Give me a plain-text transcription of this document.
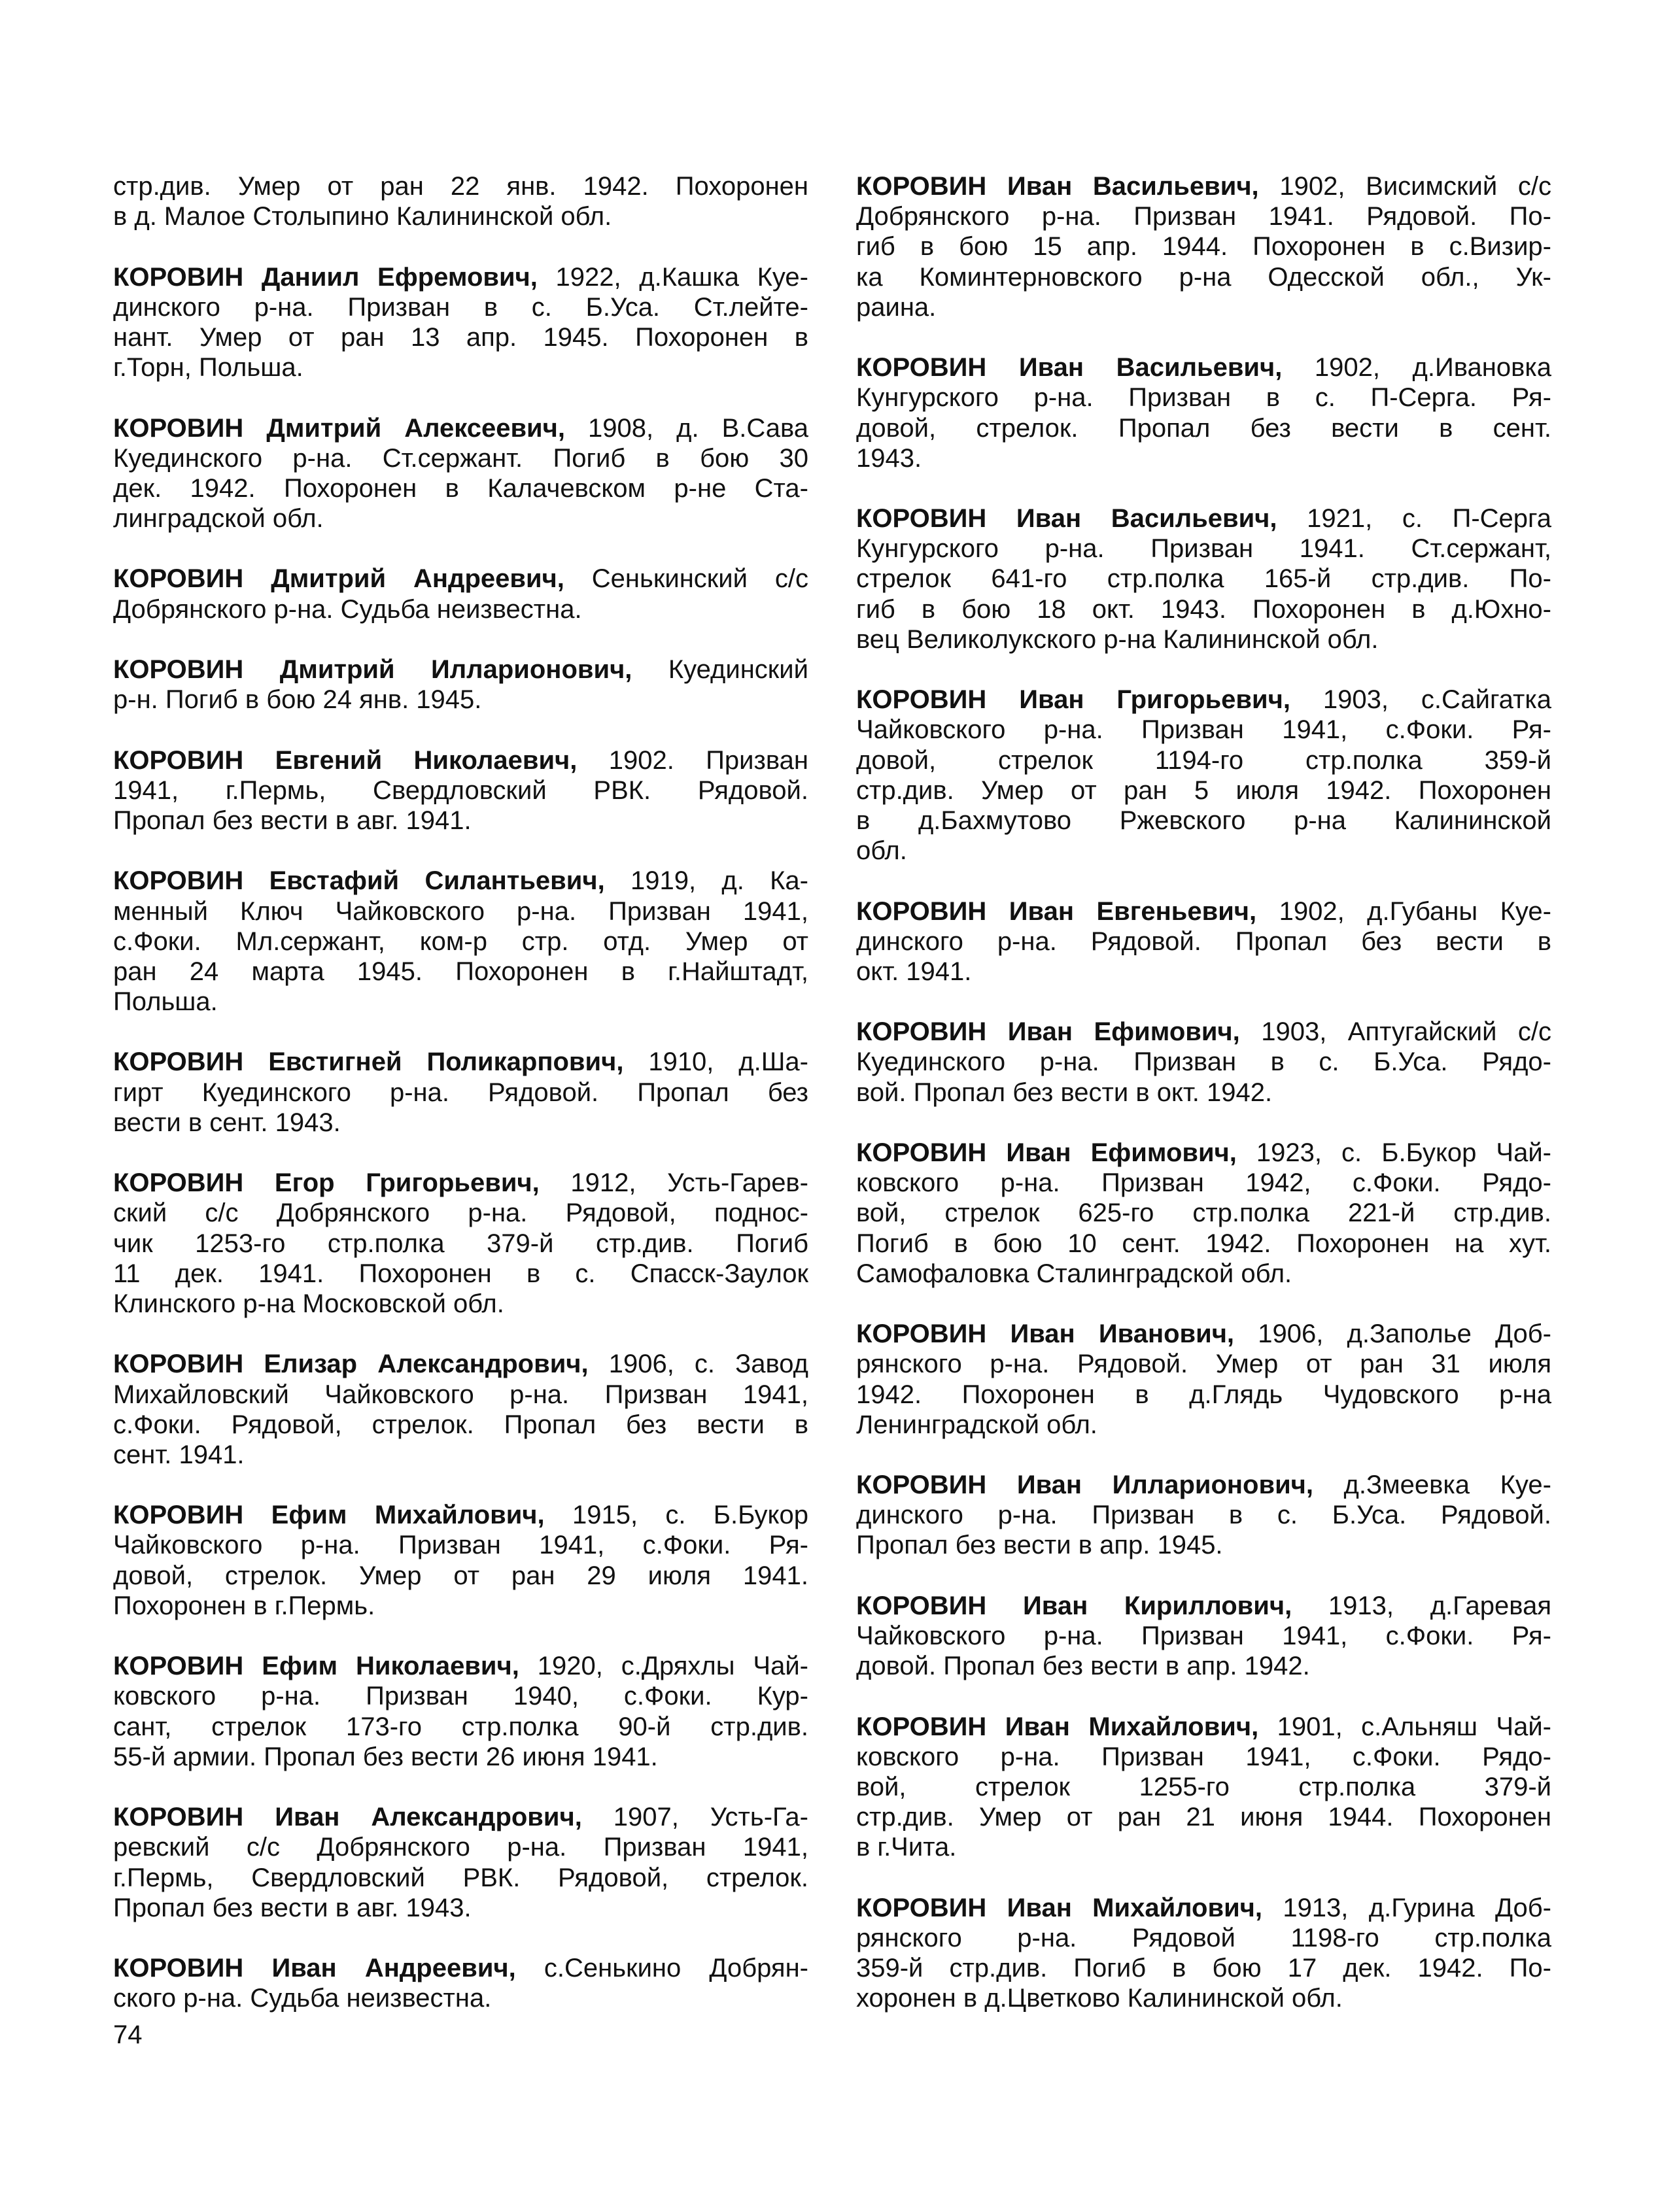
стр.див. Умер от ран 22 янв. 1942. Похоронен
в д. Малое Столыпино Калининской обл.
КОРОВИН Даниил Ефремович, 1922, д.Кашка Куе-
динского р-на. Призван в с. Б.Уса. Ст.лейте-
нант. Умер от ран 13 апр. 1945. Похоронен в
г.Торн, Польша.
КОРОВИН Дмитрий Алексеевич, 1908, д. В.Сава
Куединского р-на. Ст.сержант. Погиб в бою 30
дек. 1942. Похоронен в Калачевском р-не Ста-
линградской обл.
КОРОВИН Дмитрий Андреевич, Сенькинский с/с
Добрянского р-на. Судьба неизвестна.
КОРОВИН Дмитрий Илларионович, Куединский
р-н. Погиб в бою 24 янв. 1945.
КОРОВИН Евгений Николаевич, 1902. Призван
1941, г.Пермь, Свердловский РВК. Рядовой.
Пропал без вести в авг. 1941.
КОРОВИН Евстафий Силантьевич, 1919, д. Ка-
менный Ключ Чайковского р-на. Призван 1941,
с.Фоки. Мл.сержант, ком-р стр. отд. Умер от
ран 24 марта 1945. Похоронен в г.Найштадт,
Польша.
КОРОВИН Евстигней Поликарпович, 1910, д.Ша-
гирт Куединского р-на. Рядовой. Пропал без
вести в сент. 1943.
КОРОВИН Егор Григорьевич, 1912, Усть-Гарев-
ский с/с Добрянского р-на. Рядовой, поднос-
чик 1253-го стр.полка 379-й стр.див. Погиб
11 дек. 1941. Похоронен в с. Спасск-Заулок
Клинского р-на Московской обл.
КОРОВИН Елизар Александрович, 1906, с. Завод
Михайловский Чайковского р-на. Призван 1941,
с.Фоки. Рядовой, стрелок. Пропал без вести в
сент. 1941.
КОРОВИН Ефим Михайлович, 1915, с. Б.Букор
Чайковского р-на. Призван 1941, с.Фоки. Ря-
довой, стрелок. Умер от ран 29 июля 1941.
Похоронен в г.Пермь.
КОРОВИН Ефим Николаевич, 1920, с.Дряхлы Чай-
ковского р-на. Призван 1940, с.Фоки. Кур-
сант, стрелок 173-го стр.полка 90-й стр.див.
55-й армии. Пропал без вести 26 июня 1941.
КОРОВИН Иван Александрович, 1907, Усть-Га-
ревский с/с Добрянского р-на. Призван 1941,
г.Пермь, Свердловский РВК. Рядовой, стрелок.
Пропал без вести в авг. 1943.
КОРОВИН Иван Андреевич, с.Сенькино Добрян-
ского р-на. Судьба неизвестна.
КОРОВИН Иван Васильевич, 1902, Висимский с/с
Добрянского р-на. Призван 1941. Рядовой. По-
гиб в бою 15 апр. 1944. Похоронен в с.Визир-
ка Коминтерновского р-на Одесской обл., Ук-
раина.
КОРОВИН Иван Васильевич, 1902, д.Ивановка
Кунгурского р-на. Призван в с. П-Серга. Ря-
довой, стрелок. Пропал без вести в сент.
1943.
КОРОВИН Иван Васильевич, 1921, с. П-Серга
Кунгурского р-на. Призван 1941. Ст.сержант,
стрелок 641-го стр.полка 165-й стр.див. По-
гиб в бою 18 окт. 1943. Похоронен в д.Юхно-
вец Великолукского р-на Калининской обл.
КОРОВИН Иван Григорьевич, 1903, с.Сайгатка
Чайковского р-на. Призван 1941, с.Фоки. Ря-
довой, стрелок 1194-го стр.полка 359-й
стр.див. Умер от ран 5 июля 1942. Похоронен
в д.Бахмутово Ржевского р-на Калининской
обл.
КОРОВИН Иван Евгеньевич, 1902, д.Губаны Куе-
динского р-на. Рядовой. Пропал без вести в
окт. 1941.
КОРОВИН Иван Ефимович, 1903, Аптугайский с/с
Куединского р-на. Призван в с. Б.Уса. Рядо-
вой. Пропал без вести в окт. 1942.
КОРОВИН Иван Ефимович, 1923, с. Б.Букор Чай-
ковского р-на. Призван 1942, с.Фоки. Рядо-
вой, стрелок 625-го стр.полка 221-й стр.див.
Погиб в бою 10 сент. 1942. Похоронен на хут.
Самофаловка Сталинградской обл.
КОРОВИН Иван Иванович, 1906, д.Заполье Доб-
рянского р-на. Рядовой. Умер от ран 31 июля
1942. Похоронен в д.Глядь Чудовского р-на
Ленинградской обл.
КОРОВИН Иван Илларионович, д.Змеевка Куе-
динского р-на. Призван в с. Б.Уса. Рядовой.
Пропал без вести в апр. 1945.
КОРОВИН Иван Кириллович, 1913, д.Гаревая
Чайковского р-на. Призван 1941, с.Фоки. Ря-
довой. Пропал без вести в апр. 1942.
КОРОВИН Иван Михайлович, 1901, с.Альняш Чай-
ковского р-на. Призван 1941, с.Фоки. Рядо-
вой, стрелок 1255-го стр.полка 379-й
стр.див. Умер от ран 21 июня 1944. Похоронен
в г.Чита.
КОРОВИН Иван Михайлович, 1913, д.Гурина Доб-
рянского р-на. Рядовой 1198-го стр.полка
359-й стр.див. Погиб в бою 17 дек. 1942. По-
хоронен в д.Цветково Калининской обл.
74
